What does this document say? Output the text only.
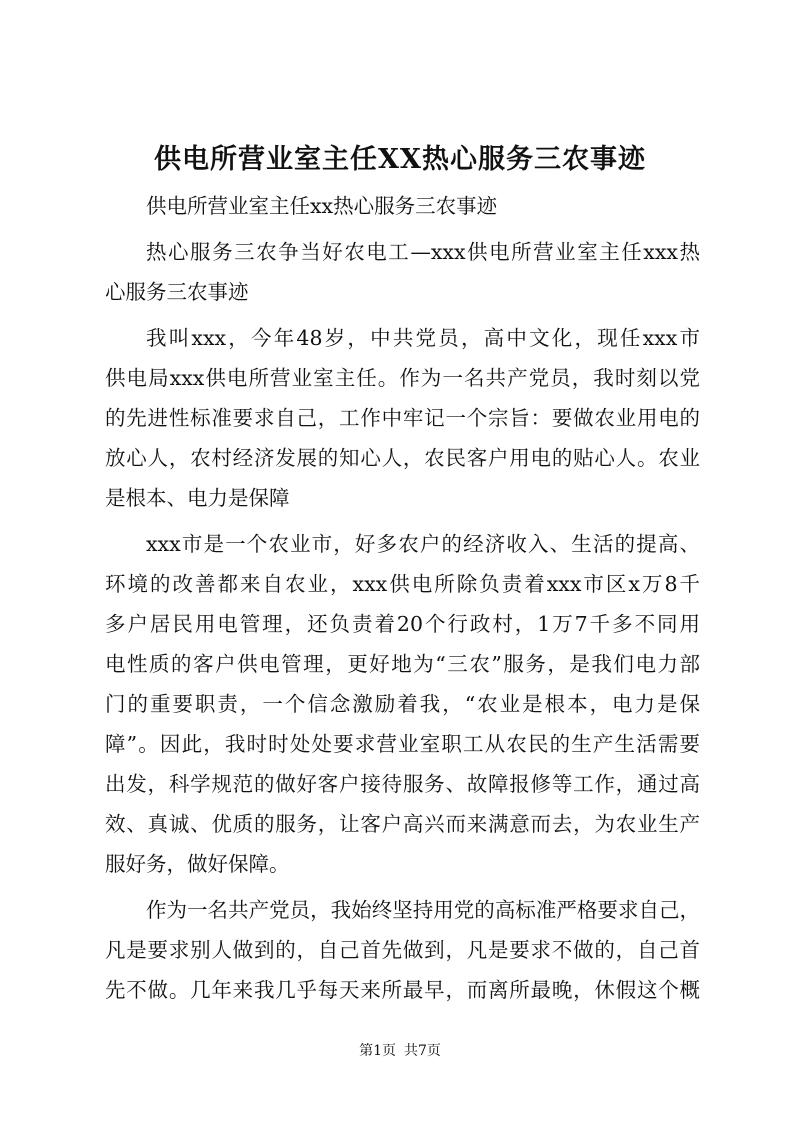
供电所营业室主任XX热心服务三农事迹
供电所营业室主任xx热心服务三农事迹
热心服务三农争当好农电工—xxx供电所营业室主任xxx热
心服务三农事迹
我叫xxx，今年48岁，中共党员，高中文化，现任xxx市
供电局xxx供电所营业室主任。作为一名共产党员，我时刻以党
的先进性标准要求自己，工作中牢记一个宗旨：要做农业用电的
放心人，农村经济发展的知心人，农民客户用电的贴心人。农业
是根本、电力是保障
xxx市是一个农业市，好多农户的经济收入、生活的提高、
环境的改善都来自农业，xxx供电所除负责着xxx市区x万8千
多户居民用电管理，还负责着20个行政村，1万7千多不同用
电性质的客户供电管理，更好地为“三农”服务，是我们电力部
门的重要职责，一个信念激励着我，“农业是根本，电力是保
障”。因此，我时时处处要求营业室职工从农民的生产生活需要
出发，科学规范的做好客户接待服务、故障报修等工作，通过高
效、真诚、优质的服务，让客户高兴而来满意而去，为农业生产
服好务，做好保障。
作为一名共产党员，我始终坚持用党的高标准严格要求自己，
凡是要求别人做到的，自己首先做到，凡是要求不做的，自己首
先不做。几年来我几乎每天来所最早，而离所最晚，休假这个概
第1页 共7页
